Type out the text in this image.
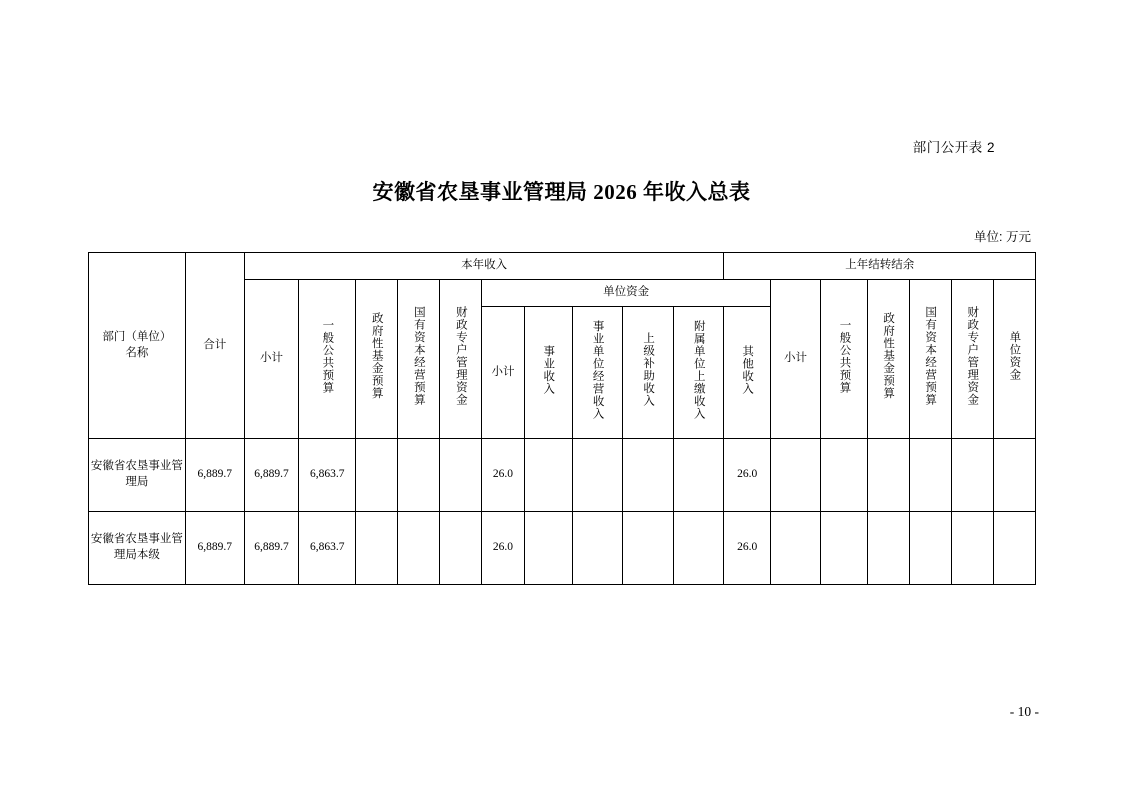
部门公开表 2
安徽省农垦事业管理局 2026 年收入总表
单位: 万元
部门（单位）
名称	合计	本年收入										上年结转结余						
		小计	一般公共预算	政府性基金预算	国有资本经营预算	财政专户管理资金	单位资金						小计	一般公共预算	政府性基金预算	国有资本经营预算	财政专户管理资金	单位资金
							小计	事业收入	事业单位经营收入	上级补助收入	附属单位上缴收入	其他收入						

安徽省农垦事业管理局	6,889.7	6,889.7	6,863.7				26.0					26.0						
安徽省农垦事业管理局本级	6,889.7	6,889.7	6,863.7				26.0					26.0						
- 10 -
